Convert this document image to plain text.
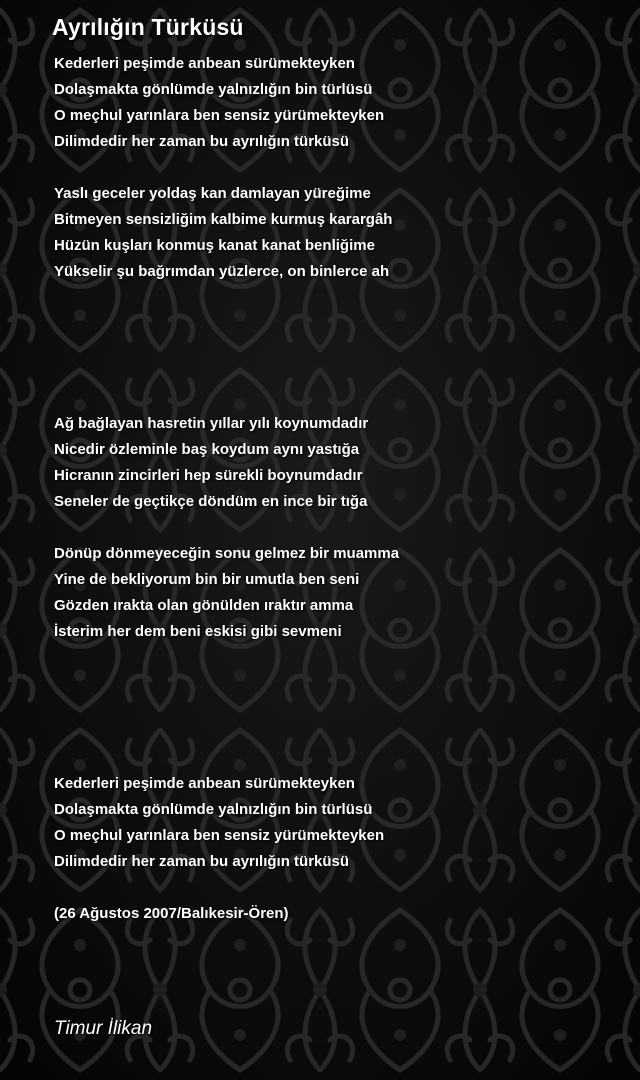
Ayrılığın Türküsü
Kederleri peşimde anbean sürümekteyken
Dolaşmakta gönlümde yalnızlığın bin türlüsü
O meçhul yarınlara ben sensiz yürümekteyken
Dilimdedir her zaman bu ayrılığın türküsü
Yaslı geceler yoldaş kan damlayan yüreğime
Bitmeyen sensizliğim kalbime kurmuş karargâh
Hüzün kuşları konmuş kanat kanat benliğime
Yükselir şu bağrımdan yüzlerce, on binlerce ah
Ağ bağlayan hasretin yıllar yılı koynumdadır
Nicedir özleminle baş koydum aynı yastığa
Hicranın zincirleri hep sürekli boynumdadır
Seneler de geçtikçe döndüm en ince bir tığa
Dönüp dönmeyeceğin sonu gelmez bir muamma
Yine de bekliyorum bin bir umutla ben seni
Gözden ırakta olan gönülden ıraktır amma
İsterim her dem beni eskisi gibi sevmeni
Kederleri peşimde anbean sürümekteyken
Dolaşmakta gönlümde yalnızlığın bin türlüsü
O meçhul yarınlara ben sensiz yürümekteyken
Dilimdedir her zaman bu ayrılığın türküsü
(26 Ağustos 2007/Balıkesir-Ören)

Timur İlikan
